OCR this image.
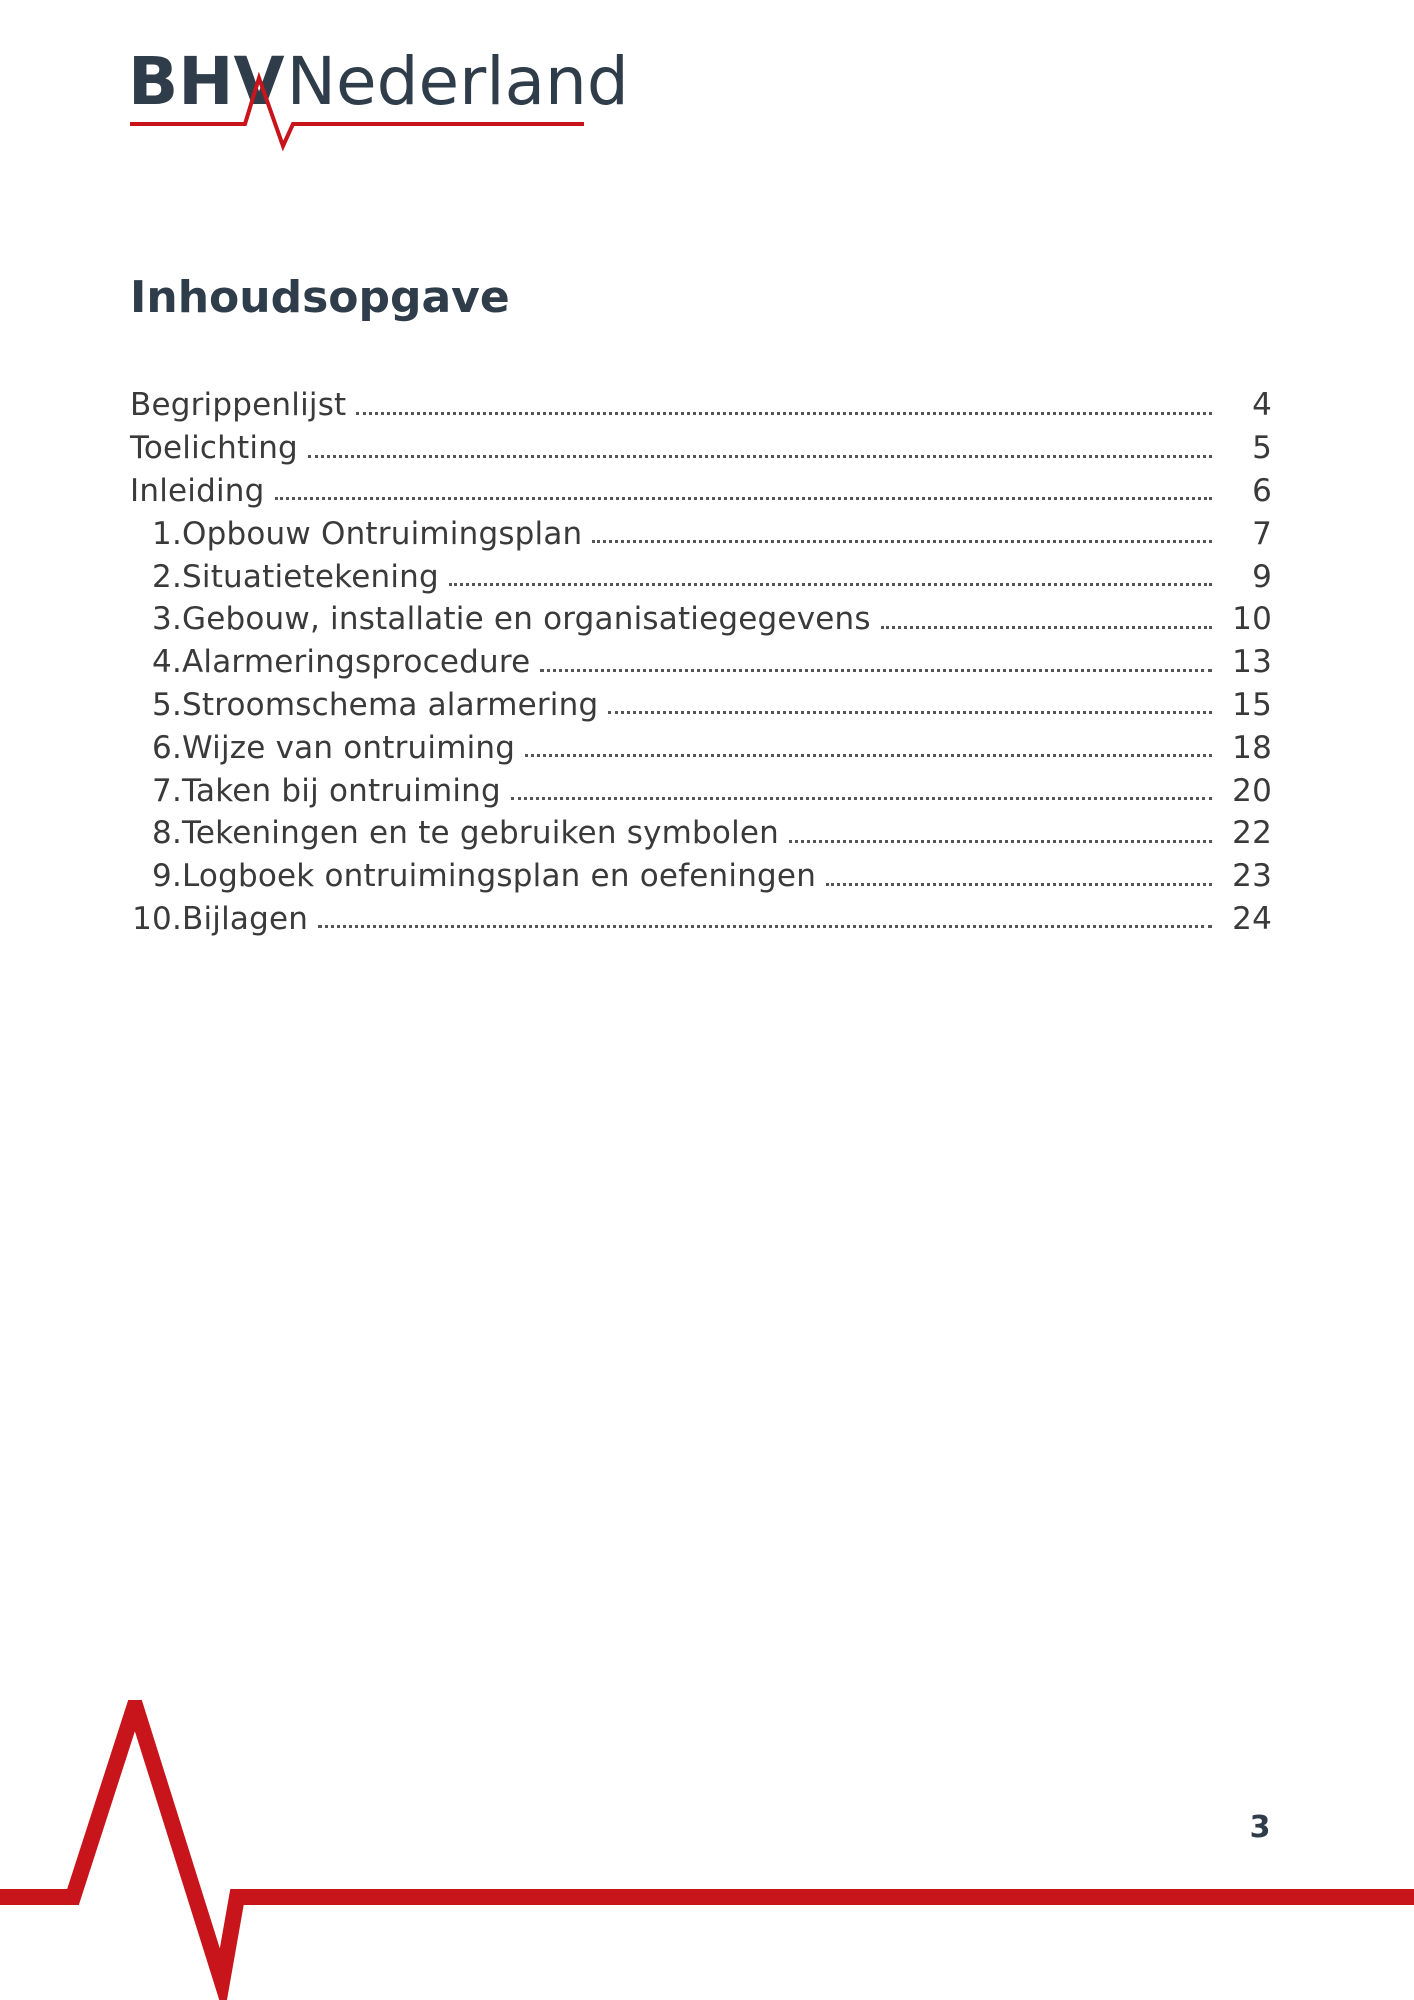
BHVNederland
Inhoudsopgave
Begrippenlijst	4
Toelichting	5
Inleiding	6
1. Opbouw Ontruimingsplan	7
2. Situatietekening	9
3. Gebouw, installatie en organisatiegegevens	10
4. Alarmeringsprocedure	13
5. Stroomschema alarmering	15
6. Wijze van ontruiming	18
7. Taken bij ontruiming	20
8. Tekeningen en te gebruiken symbolen	22
9. Logboek ontruimingsplan en oefeningen	23
10. Bijlagen	24
3
